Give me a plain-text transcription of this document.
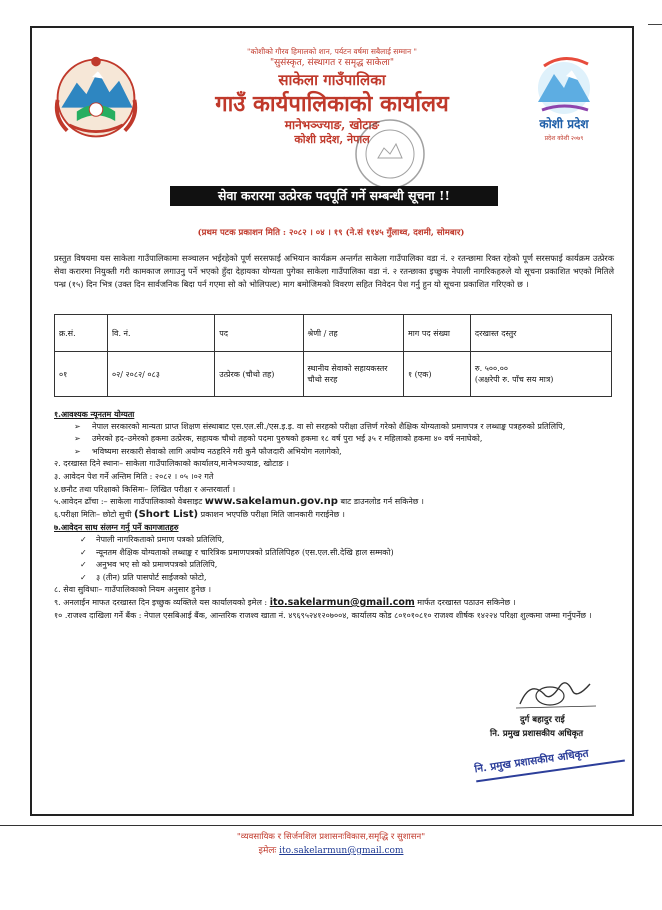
"कोशीको गौरव हिमालको शान, पर्यटन वर्षमा सबैलाई सम्मान "

"सुसंस्कृत, संस्थागत र समृद्ध साकेला"

साकेला गाउँपालिका

गाउँ कार्यपालिकाको कार्यालय

मानेभञ्ज्याङ, खोटाङ

कोशी प्रदेश, नेपाल

कोशी प्रदेश
प्रदेश कोशी २०७९
सेवा करारमा उत्प्रेरक पदपूर्ति गर्ने सम्बन्धी सूचना !!
(प्रथम पटक प्रकाशन मिति : २०८२ । ०४ । १९ (ने.सं ११४५ गुँलाथ्व, दशमी, सोमबार)

प्रस्तुत विषयमा यस साकेला गाउँपालिकामा सञ्चालन भईरहेको पूर्ण सरसफाई अभियान कार्यक्रम अन्तर्गत साकेला गाउँपालिका वडा नं. २ रतन्छामा रिक्त रहेको पूर्ण सरसफाई कार्यक्रम उत्प्रेरक सेवा करारमा नियुक्ती गरी कामकाज लगाउनु पर्ने भएको हुँदा देहायका योग्यता पुगेका साकेला गाउँपालिका वडा नं. २ रतन्छाका इच्छुक नेपाली नागरिकहरुले यो सूचना प्रकाशित भएको मितिले पन्ध्र (१५) दिन भित्र (उक्त दिन सार्वजनिक बिदा पर्न गएमा सो को भोलिपल्ट) माग बमोजिमको विवरण सहित निवेदन पेश गर्नु हुन यो सूचना प्रकाशित गरिएको छ ।

क्र.सं.	वि. नं.	पद	श्रेणी / तह	माग पद संख्या	दरखास्त दस्तुर
०१	०२/ २०८२/ ०८३	उत्प्रेरक (चौथो तह)	स्थानीय सेवाको सहायकस्तर चौथो सरह	१ (एक)	रु. ५००.००
(अक्षरेपी रु. पाँच सय मात्र)

१.आवश्यक न्यूनतम योग्यता

➢	नेपाल सरकारको मान्यता प्राप्त शिक्षण संस्थाबाट एस.एल.सी./एस.इ.इ. वा सो सरहको परीक्षा उत्तिर्ण गरेको शैक्षिक योग्यताको प्रमाणपत्र र लब्धाङ्क पत्रहरुको प्रतिलिपि,
➢	उमेरको हद–उमेरको हकमा उत्प्रेरक, सहायक चौथो तहको पदमा पुरुषको हकमा १८ वर्ष पुरा भई ३५ र महिलाको हकमा ४० वर्ष ननाघेको,
➢	भविष्यमा सरकारी सेवाको लागि अयोग्य नठहरिने गरी कुनै फौजदारी अभियोग नलागेको,

२. दरखास्त दिने स्थानः– साकेला गाउँपालिकाको कार्यालय,मानेभञ्ज्याङ, खोटाङ ।

३. आवेदन पेश गर्ने अन्तिम मिति : २०८२ । ०५ ।०२ गते

४.छनौट तथा परिक्षाको किसिमः– लिखित परीक्षा र अन्तरवार्ता ।

५.आवेदन ढाँचा :– साकेला गाउँपालिकाको वेबसाइट www.sakelamun.gov.np बाट डाउनलोड गर्न सकिनेछ ।

६.परीक्षा मितिः– छोटो सुची (Short List) प्रकाशन भएपछि परीक्षा मिति जानकारी गराईनेछ ।

७.आवेदन साथ संलग्न गर्नु पर्ने कागजातहरु

✓	नेपाली नागरिकताको प्रमाण पत्रको प्रतिलिपि,
✓	न्यूनतम शैक्षिक योग्यताको लब्धाङ्क र चारित्रिक प्रमाणपत्रको प्रतिलिपिहरु (एस.एल.सी.देखि हाल सम्मको)
✓	अनुभव भए सो को प्रमाणपत्रको प्रतिलिपि,
✓	३ (तीन) प्रति पासपोर्ट साईजको फोटो,

८. सेवा सुविधाः– गाउँपालिकाको नियम अनुसार हुनेछ ।

९. अनलाईन माफत दरखास्त दिन इच्छुक व्यक्तिले यस कार्यालयको इमेल : ito.sakelarmun@gmail.com मार्फत दरखास्त पठाउन सकिनेछ ।

१० .राजश्व दाखिला गर्ने बैंक : नेपाल एसबिआई बैंक, आन्तरिक राजश्व खाता नं. ४९६९५२४१२०७००४, कार्यालय कोड ८०१०१०८१० राजश्व शीर्षक १४२२४ परिक्षा शुल्कमा जम्मा गर्नुपर्नेछ ।

दुर्ग बहादुर राई
नि. प्रमुख प्रशासकीय अधिकृत
नि. प्रमुख प्रशासकीय अधिकृत

"व्यवसायिक र सिर्जनशिल प्रशासनःविकास,समृद्धि र सुशासन"

इमेलः ito.sakelarmun@gmail.com
